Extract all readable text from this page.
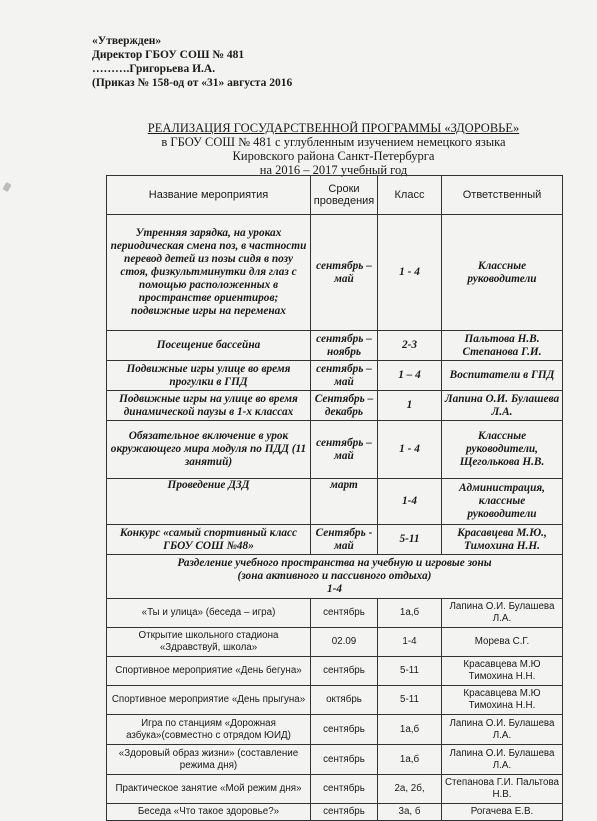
«Утвержден»
Директор ГБОУ СОШ № 481
……….Григорьева И.А.
(Приказ № 158-од от «31» августа 2016
РЕАЛИЗАЦИЯ ГОСУДАРСТВЕННОЙ ПРОГРАММЫ «ЗДОРОВЬЕ»
в ГБОУ СОШ № 481 с углубленным изучением немецкого языка
Кировского района Санкт-Петербурга
на 2016 – 2017 учебный год
Название мероприятия	Сроки проведения	Класс	Ответственный
Утренняя зарядка, на уроках периодическая смена поз, в частности перевод детей из позы сидя в позу стоя, физкультминутки для глаз с помощью расположенных в пространстве ориентиров; подвижные игры на переменах	сентябрь – май	1 - 4	Классные руководители
Посещение бассейна	сентябрь – ноябрь	2-3	Пальтова Н.В. Степанова Г.И.
Подвижные игры улице во время прогулки в ГПД	сентябрь – май	1 – 4	Воспитатели в ГПД
Подвижные игры на улице во время динамической паузы в 1-х классах	Сентябрь – декабрь	1	Лапина О.И. Булашева Л.А.
Обязательное включение в урок окружающего мира модуля по ПДД (11 занятий)	сентябрь – май	1 - 4	Классные руководители, Щеголькова Н.В.
Проведение ДЗД	март	1-4	Администрация, классные руководители
Конкурс «самый спортивный класс ГБОУ СОШ №48»	Сентябрь - май	5-11	Красавцева М.Ю., Тимохина Н.Н.

Разделение учебного пространства на учебную и игровые зоны
(зона активного и пассивного отдыха)
1-4			

«Ты и улица» (беседа – игра)	сентябрь	1а,б	Лапина О.И. Булашева Л.А.
Открытие школьного стадиона «Здравствуй, школа»	02.09	1-4	Морева С.Г.
Спортивное мероприятие «День бегуна»	сентябрь	5-11	Красавцева М.Ю Тимохина Н.Н.
Спортивное мероприятие «День прыгуна»	октябрь	5-11	Красавцева М.Ю Тимохина Н.Н.
Игра по станциям «Дорожная азбука»(совместно с отрядом ЮИД)	сентябрь	1а,б	Лапина О.И. Булашева Л.А.
«Здоровый образ жизни» (составление режима дня)	сентябрь	1а,б	Лапина О.И. Булашева Л.А.
Практическое занятие «Мой режим дня»	сентябрь	2а, 2б,	Степанова Г.И. Пальтова Н.В.
Беседа «Что такое здоровье?»	сентябрь	3а, б	Рогачева Е.В.
